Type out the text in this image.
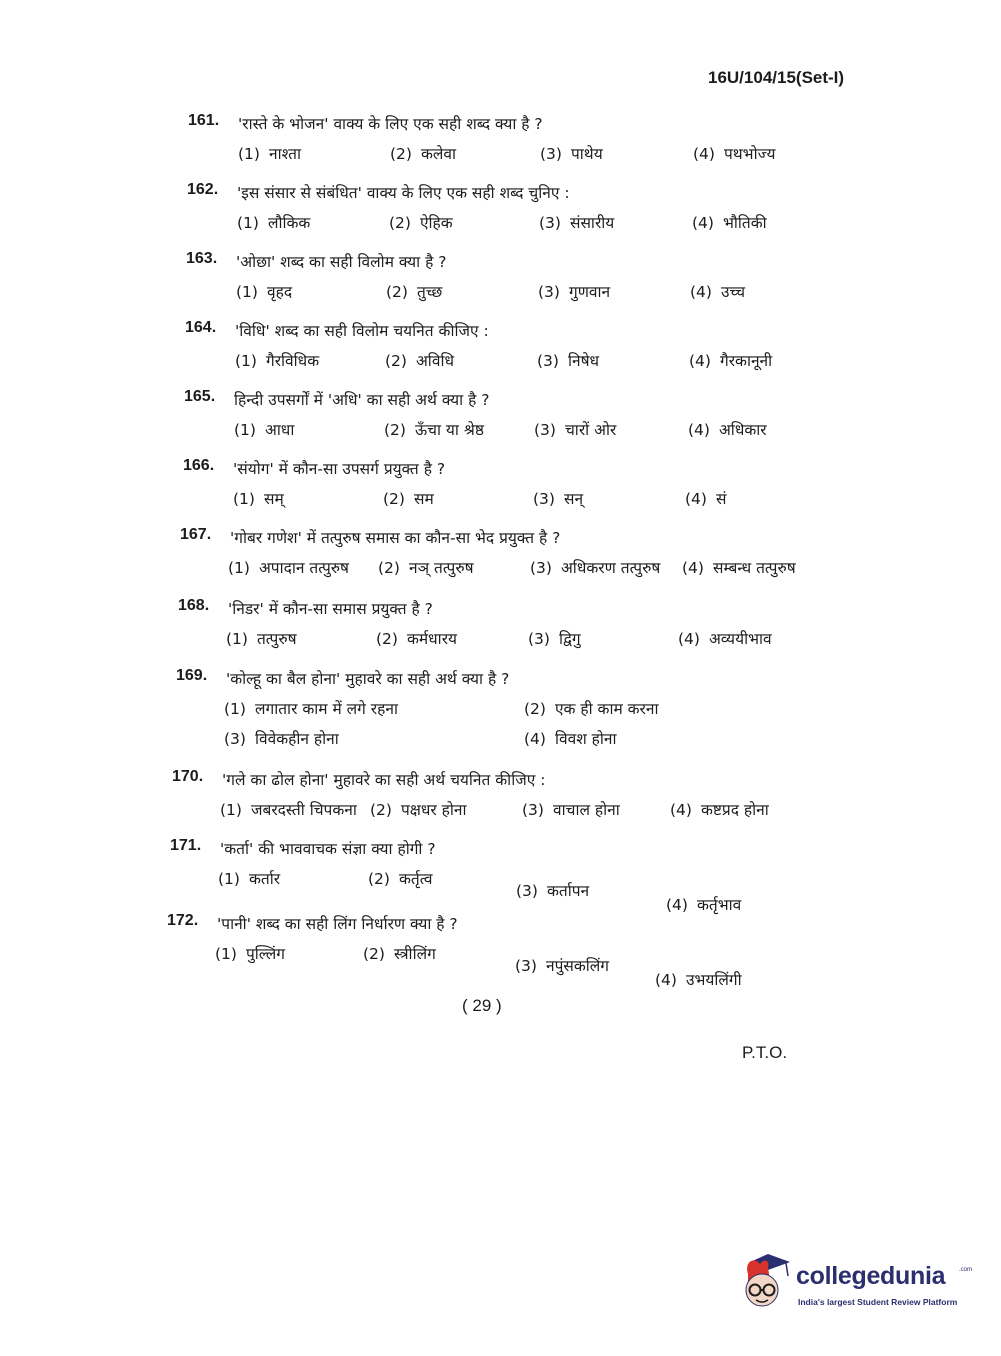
16U/104/15(Set-I)
161. 'रास्ते के भोजन' वाक्य के लिए एक सही शब्द क्या है ?
(1) नाश्ता	(2) कलेवा	(3) पाथेय	(4) पथभोज्य
162. 'इस संसार से संबंधित' वाक्य के लिए एक सही शब्द चुनिए :
(1) लौकिक	(2) ऐहिक	(3) संसारीय	(4) भौतिकी
163. 'ओछा' शब्द का सही विलोम क्या है ?
(1) वृहद	(2) तुच्छ	(3) गुणवान	(4) उच्च
164. 'विधि' शब्द का सही विलोम चयनित कीजिए :
(1) गैरविधिक	(2) अविधि	(3) निषेध	(4) गैरकानूनी
165. हिन्दी उपसर्गों में 'अधि' का सही अर्थ क्या है ?
(1) आधा	(2) ऊँचा या श्रेष्ठ	(3) चारों ओर	(4) अधिकार
166. 'संयोग' में कौन-सा उपसर्ग प्रयुक्त है ?
(1) सम्	(2) सम	(3) सन्	(4) सं
167. 'गोबर गणेश' में तत्पुरुष समास का कौन-सा भेद प्रयुक्त है ?
(1) अपादान तत्पुरुष (2) नञ् तत्पुरुष	(3) अधिकरण तत्पुरुष (4) सम्बन्ध तत्पुरुष
168. 'निडर' में कौन-सा समास प्रयुक्त है ?
(1) तत्पुरुष	(2) कर्मधारय	(3) द्विगु	(4) अव्ययीभाव
169. 'कोल्हू का बैल होना' मुहावरे का सही अर्थ क्या है ?
(1) लगातार काम में लगे रहना	(2) एक ही काम करना
(3) विवेकहीन होना	(4) विवश होना
170. 'गले का ढोल होना' मुहावरे का सही अर्थ चयनित कीजिए :
(1) जबरदस्ती चिपकना (2) पक्षधर होना	(3) वाचाल होना	(4) कष्टप्रद होना
171. 'कर्ता' की भाववाचक संज्ञा क्या होगी ?
(1) कर्तार	(2) कर्तृत्व
(3) कर्तापन
(4) कर्तृभाव
172. 'पानी' शब्द का सही लिंग निर्धारण क्या है ?
(1) पुल्लिंग	(2) स्त्रीलिंग
(3) नपुंसकलिंग
(4) उभयलिंगी
( 29 )
P.T.O.
collegedunia .com
India's largest Student Review Platform
